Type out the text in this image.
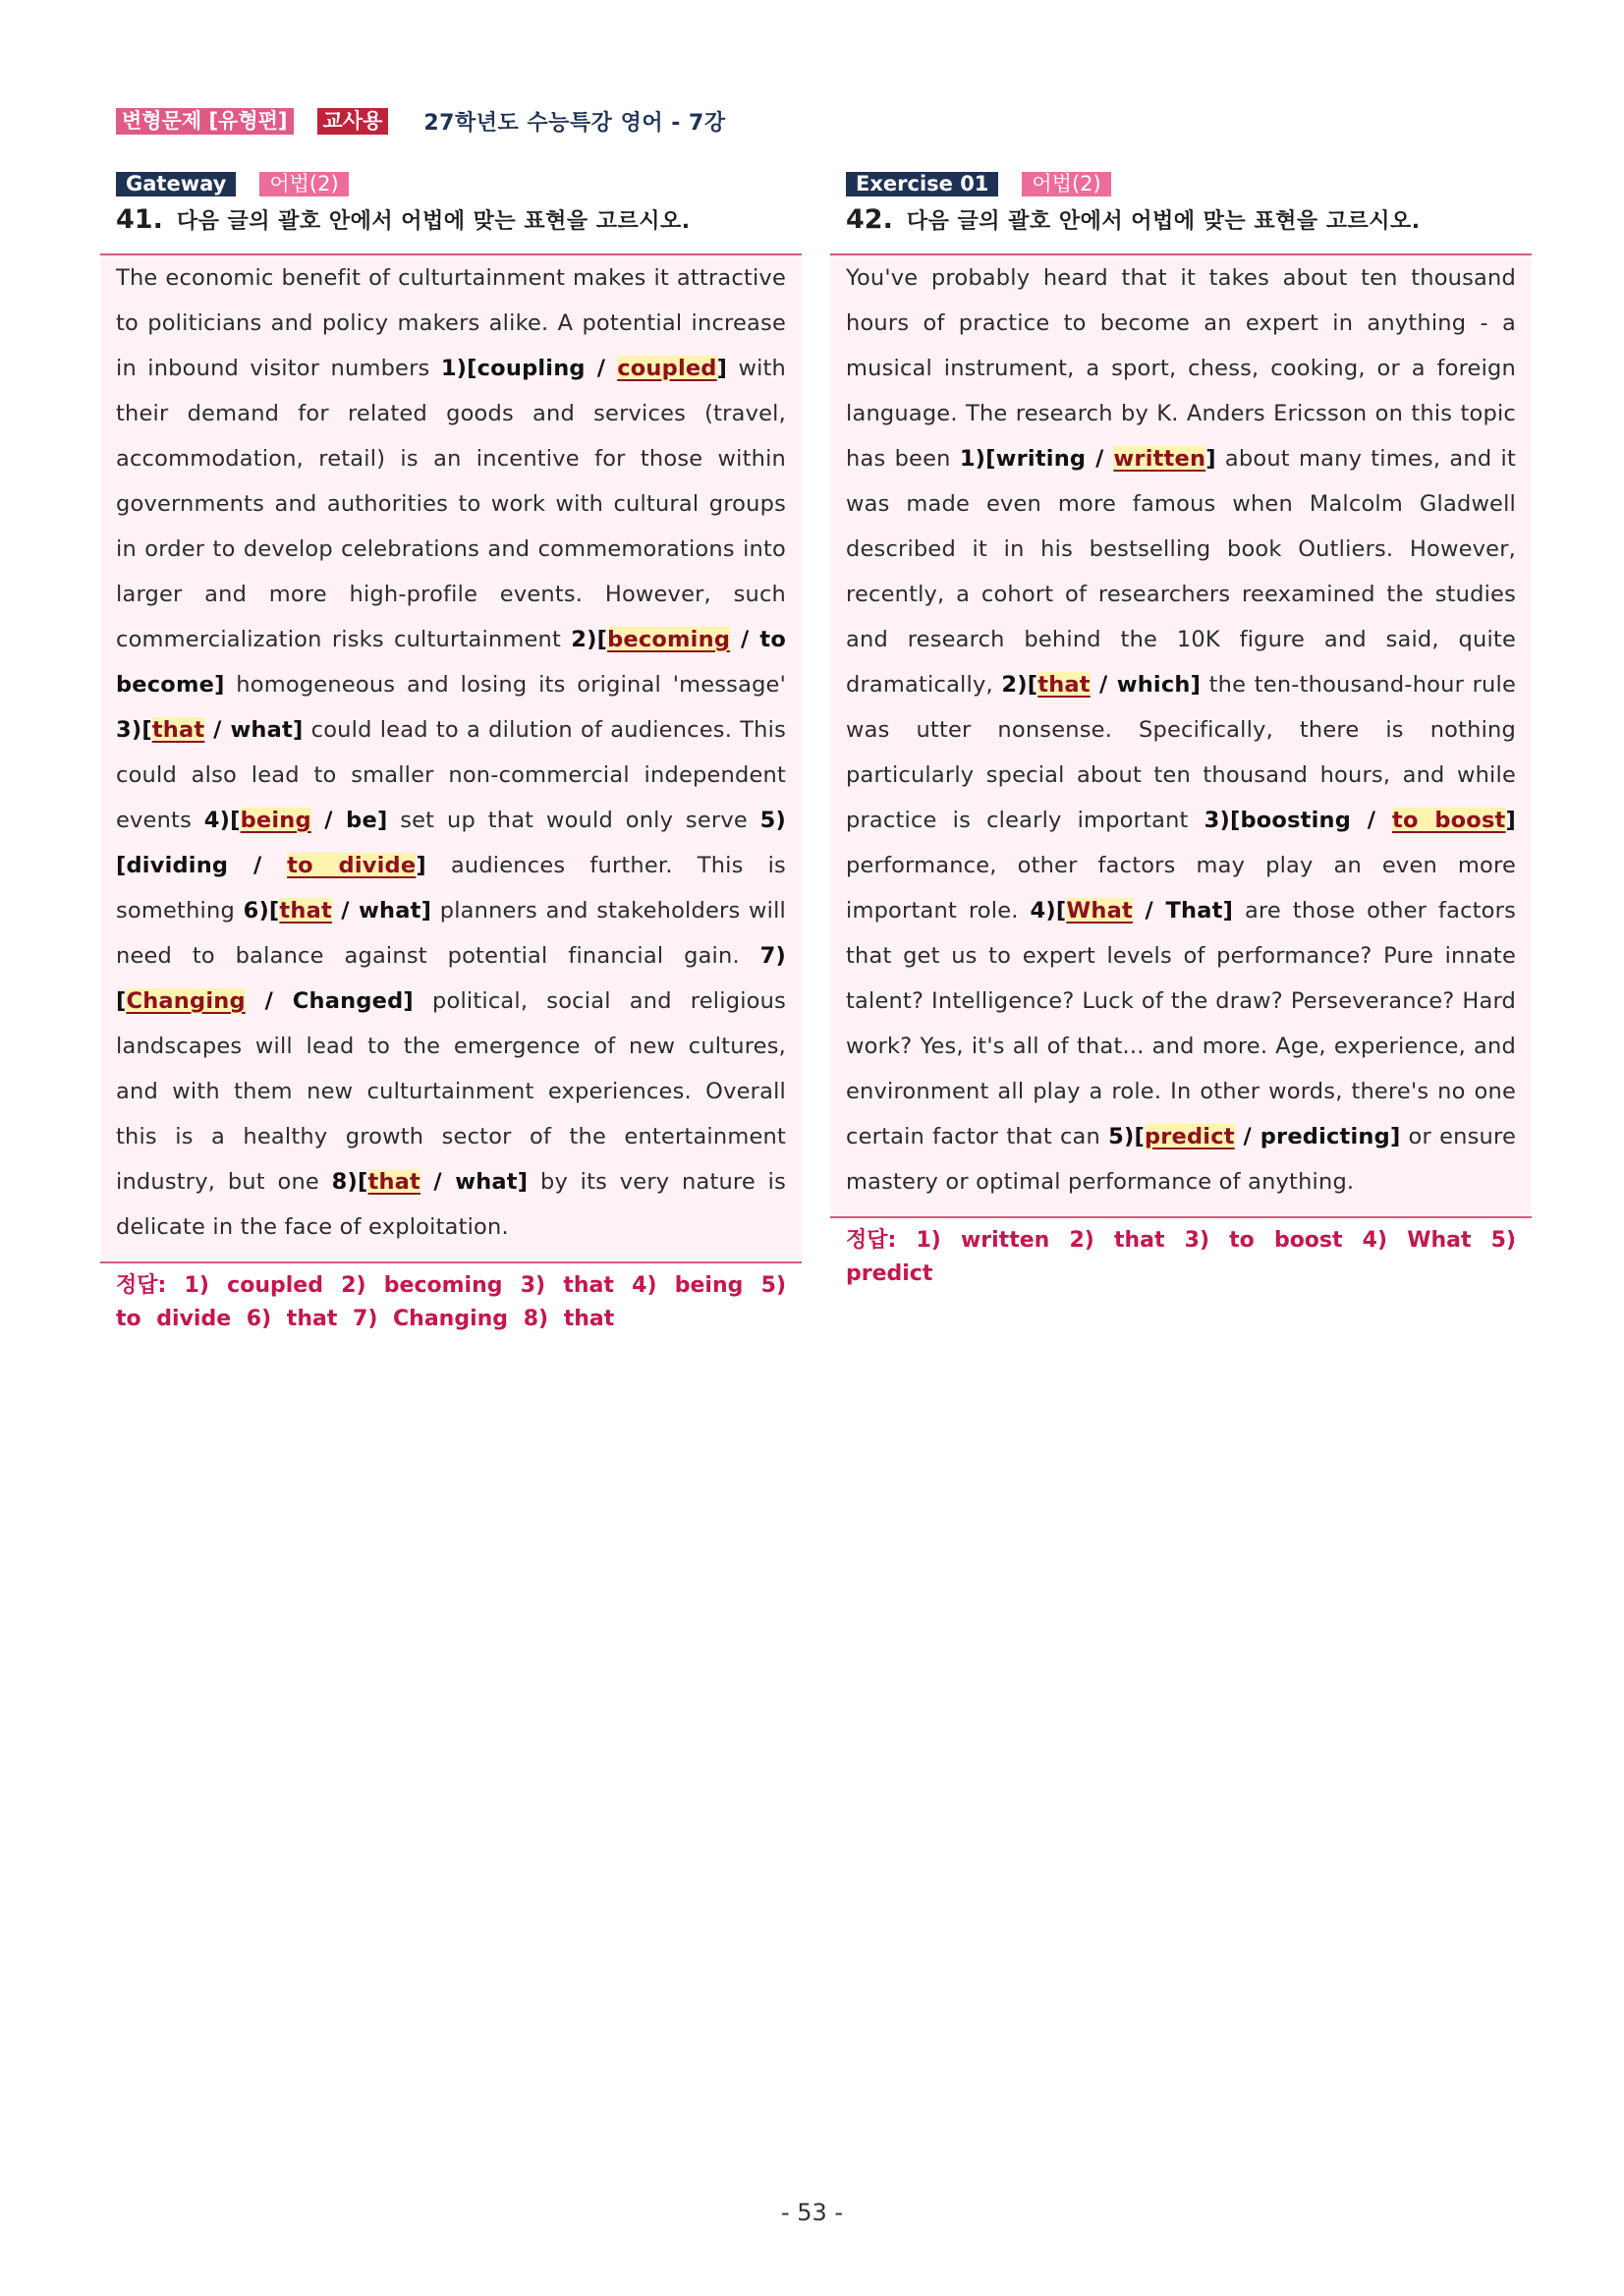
변형문제 [유형편] 교사용 27학년도 수능특강 영어 - 7강
Gateway	어법(2)
41. 다음 글의 괄호 안에서 어법에 맞는 표현을 고르시오.
The economic benefit of culturtainment makes it attractive to politicians and policy makers alike. A potential increase in inbound visitor numbers 1)[coupling / coupled] with their demand for related goods and services (travel, accommodation, retail) is an incentive for those within governments and authorities to work with cultural groups in order to develop celebrations and commemorations into larger and more high-profile events. However, such commercialization risks culturtainment 2)[becoming / to become] homogeneous and losing its original 'message' 3)[that / what] could lead to a dilution of audiences. This could also lead to smaller non-commercial independent events 4)[being / be] set up that would only serve 5)[dividing / to divide] audiences further. This is something 6)[that / what] planners and stakeholders will need to balance against potential financial gain. 7)[Changing / Changed] political, social and religious landscapes will lead to the emergence of new cultures, and with them new culturtainment experiences. Overall this is a healthy growth sector of the entertainment industry, but one 8)[that / what] by its very nature is delicate in the face of exploitation.
정답: 1) coupled 2) becoming 3) that 4) being 5) to divide 6) that 7) Changing 8) that
Exercise 01	어법(2)
42. 다음 글의 괄호 안에서 어법에 맞는 표현을 고르시오.
You've probably heard that it takes about ten thousand hours of practice to become an expert in anything - a musical instrument, a sport, chess, cooking, or a foreign language. The research by K. Anders Ericsson on this topic has been 1)[writing / written] about many times, and it was made even more famous when Malcolm Gladwell described it in his bestselling book Outliers. However, recently, a cohort of researchers reexamined the studies and research behind the 10K figure and said, quite dramatically, 2)[that / which] the ten-thousand-hour rule was utter nonsense. Specifically, there is nothing particularly special about ten thousand hours, and while practice is clearly important 3)[boosting / to boost] performance, other factors may play an even more important role. 4)[What / That] are those other factors that get us to expert levels of performance? Pure innate talent? Intelligence? Luck of the draw? Perseverance? Hard work? Yes, it's all of that... and more. Age, experience, and environment all play a role. In other words, there's no one certain factor that can 5)[predict / predicting] or ensure mastery or optimal performance of anything.
정답: 1) written 2) that 3) to boost 4) What 5) predict
- 53 -
